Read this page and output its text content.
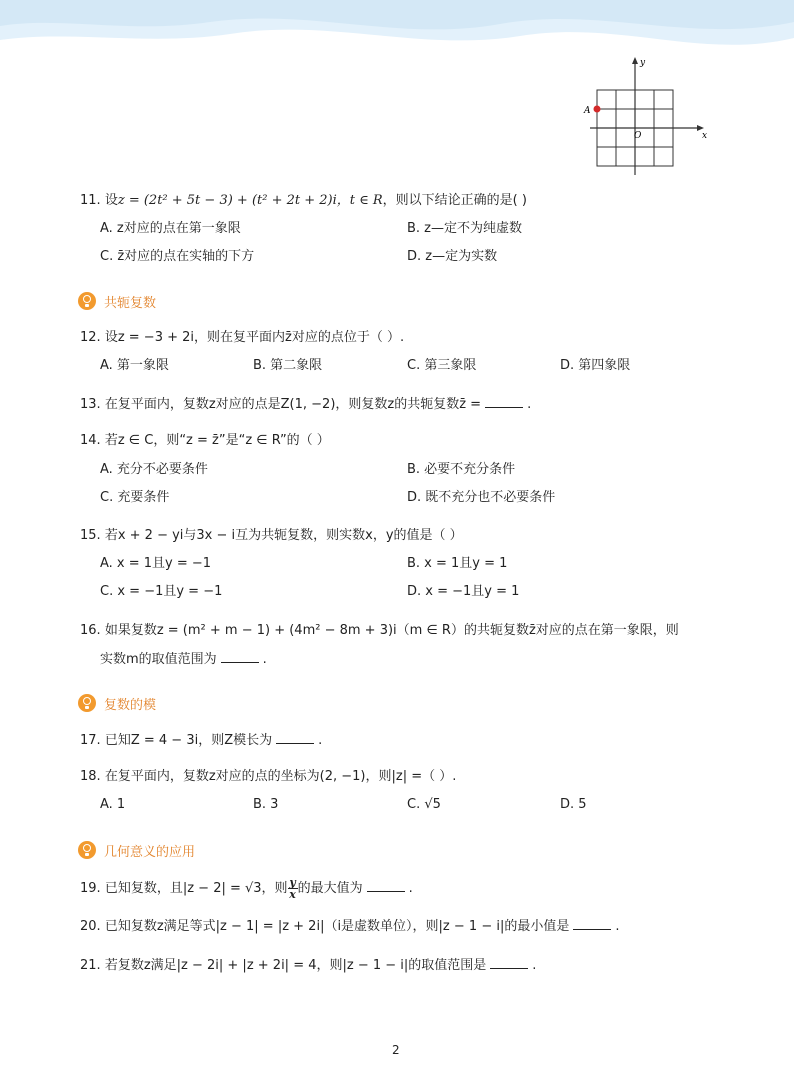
y
x
A
O
11. 设z = (2t² + 5t − 3) + (t² + 2t + 2)i，t ∈ R，则以下结论正确的是( )
A. z对应的点在第一象限	B. z—定不为纯虚数
C. z̄对应的点在实轴的下方	D. z—定为实数
共轭复数
12. 设z = −3 + 2i，则在复平面内z̄对应的点位于（ ）.
A. 第一象限	B. 第二象限	C. 第三象限	D. 第四象限
13. 在复平面内，复数z对应的点是Z(1, −2)，则复数z的共轭复数z̄ =	.
14. 若z ∈ C，则“z = z̄”是“z ∈ R”的（ ）
A. 充分不必要条件	B. 必要不充分条件
C. 充要条件	D. 既不充分也不必要条件
15. 若x + 2 − yi与3x − i互为共轭复数，则实数x，y的值是（ ）
A. x = 1且y = −1	B. x = 1且y = 1
C. x = −1且y = −1	D. x = −1且y = 1
16. 如果复数z = (m² + m − 1) + (4m² − 8m + 3)i（m ∈ R）的共轭复数z̄对应的点在第一象限，则
实数m的取值范围为	.
复数的模
17. 已知Z = 4 − 3i，则Z模长为	.
18. 在复平面内，复数z对应的点的坐标为(2, −1)，则|z| =（ ）.
A. 1	B. 3	C. √5	D. 5
几何意义的应用
19. 已知复数，且|z − 2| = √3，则 $\frac{y}{x}$ 的最大值为	.
20. 已知复数z满足等式|z − 1| = |z + 2i|（i是虚数单位），则|z − 1 − i|的最小值是	.
21. 若复数z满足|z − 2i| + |z + 2i| = 4，则|z − 1 − i|的取值范围是	.
2
